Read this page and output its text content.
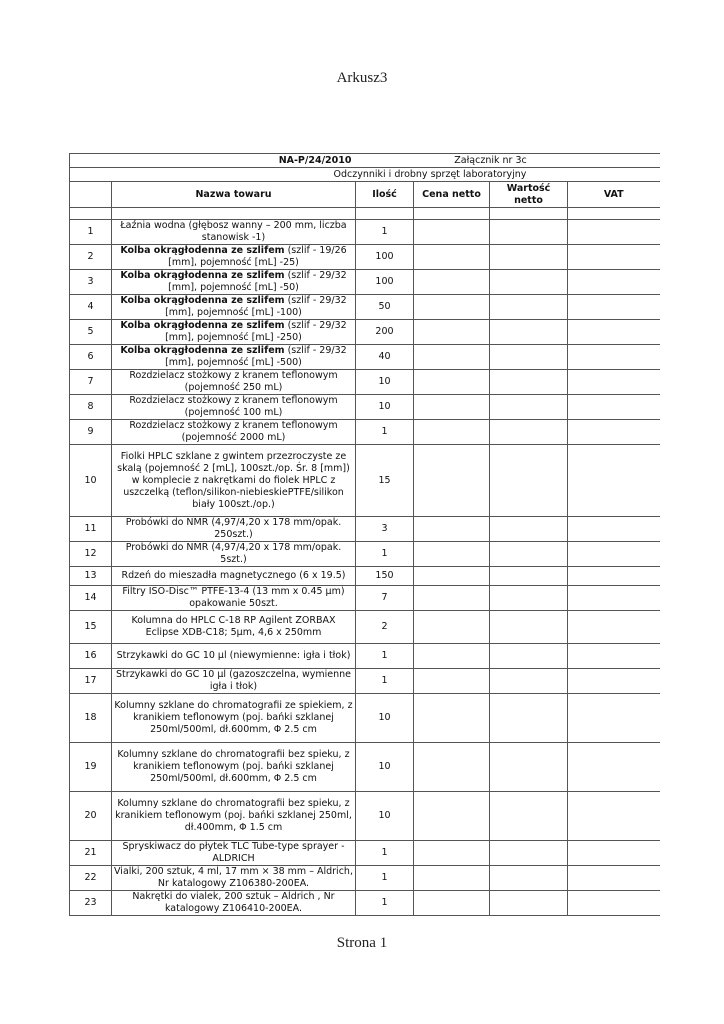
Arkusz3
	NA-P/24/2010		Załącznik nr 3c		
	Odczynniki i drobny sprzęt laboratoryjny				
	Nazwa towaru	Ilość	Cena netto	Wartość netto	VAT

1	Łaźnia wodna (głębosz wanny – 200 mm, liczba stanowisk -1)	1			
2	Kolba okrągłodenna ze szlifem (szlif - 19/26 [mm], pojemność [mL] -25)	100			
3	Kolba okrągłodenna ze szlifem (szlif - 29/32 [mm], pojemność [mL] -50)	100			
4	Kolba okrągłodenna ze szlifem (szlif - 29/32 [mm], pojemność [mL] -100)	50			
5	Kolba okrągłodenna ze szlifem (szlif - 29/32 [mm], pojemność [mL] -250)	200			
6	Kolba okrągłodenna ze szlifem (szlif - 29/32 [mm], pojemność [mL] -500)	40			
7	Rozdzielacz stożkowy z kranem teflonowym (pojemność 250 mL)	10			
8	Rozdzielacz stożkowy z kranem teflonowym (pojemność 100 mL)	10			
9	Rozdzielacz stożkowy z kranem teflonowym (pojemność 2000 mL)	1			
10	Fiolki HPLC szklane z gwintem przezroczyste ze skalą (pojemność 2 [mL], 100szt./op. Śr. 8 [mm]) w komplecie z nakrętkami do fiolek HPLC z uszczelką (teflon/silikon-niebieskiePTFE/silikon biały 100szt./op.)	15			
11	Probówki do NMR (4,97/4,20 x 178 mm/opak. 250szt.)	3			
12	Probówki do NMR (4,97/4,20 x 178 mm/opak. 5szt.)	1			
13	Rdzeń do mieszadła magnetycznego (6 x 19.5)	150			
14	Filtry ISO-Disc™ PTFE-13-4 (13 mm x 0.45 µm) opakowanie 50szt.	7			
15	Kolumna do HPLC C-18 RP Agilent ZORBAX Eclipse XDB-C18; 5µm, 4,6 x 250mm	2			
16	Strzykawki do GC 10 µl (niewymienne: igła i tłok)	1			
17	Strzykawki do GC 10 µl (gazoszczelna, wymienne igła i tłok)	1			
18	Kolumny szklane do chromatografii ze spiekiem, z kranikiem teflonowym (poj. bańki szklanej 250ml/500ml, dł.600mm, Φ 2.5 cm	10			
19	Kolumny szklane do chromatografii bez spieku, z kranikiem teflonowym (poj. bańki szklanej 250ml/500ml, dł.600mm, Φ 2.5 cm	10			
20	Kolumny szklane do chromatografii bez spieku, z kranikiem teflonowym (poj. bańki szklanej 250ml, dł.400mm, Φ 1.5 cm	10			
21	Spryskiwacz do płytek TLC Tube-type sprayer -ALDRICH	1			
22	Vialki, 200 sztuk, 4 ml, 17 mm × 38 mm – Aldrich, Nr katalogowy Z106380-200EA.	1			
23	Nakrętki do vialek, 200 sztuk – Aldrich , Nr katalogowy Z106410-200EA.	1			
Strona 1
